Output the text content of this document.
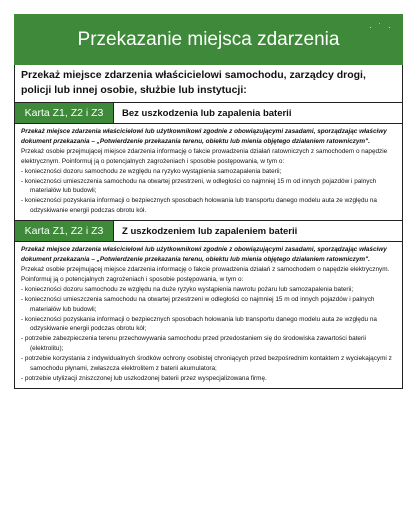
Przekazanie miejsca zdarzenia
· ˙ ·
Przekaż miejsce zdarzenia właścicielowi samochodu, zarządcy drogi, policji lub innej osobie, służbie lub instytucji:
Karta Z1, Z2 i Z3	Bez uszkodzenia lub zapalenia baterii

Przekaż miejsce zdarzenia właścicielowi lub użytkownikowi zgodnie z obowiązującymi zasadami, sporządzając właściwy dokument przekazania – „Potwierdzenie przekazania terenu, obiektu lub mienia objętego działaniem ratowniczym".

Przekaż osobie przejmującej miejsce zdarzenia informację o fakcie prowadzenia działań ratowniczych z samochodem o napędzie elektrycznym. Poinformuj ją o potencjalnych zagrożeniach i sposobie postępowania, w tym o:

- konieczności dozoru samochodu ze względu na ryzyko wystąpienia samozapalenia baterii;
- konieczności umieszczenia samochodu na otwartej przestrzeni, w odległości co najmniej 15 m od innych pojazdów i palnych materiałów lub budowli;
- konieczności pozyskania informacji o bezpiecznych sposobach holowania lub transportu danego modelu auta ze względu na odzyskiwanie energii podczas obrotu kół.
Karta Z1, Z2 i Z3	Z uszkodzeniem lub zapaleniem baterii

Przekaż miejsce zdarzenia właścicielowi lub użytkownikowi zgodnie z obowiązującymi zasadami, sporządzając właściwy dokument przekazania – „Potwierdzenie przekazania terenu, obiektu lub mienia objętego działaniem ratowniczym".

Przekaż osobie przejmującej miejsce zdarzenia informację o fakcie prowadzenia działań z samochodem o napędzie elektrycznym. Poinformuj ją o potencjalnych zagrożeniach i sposobie postępowania, w tym o:

- konieczności dozoru samochodu ze względu na duże ryzyko wystąpienia nawrotu pożaru lub samozapalenia baterii;
- konieczności umieszczenia samochodu na otwartej przestrzeni w odległości co najmniej 15 m od innych pojazdów i palnych materiałów lub budowli;
- konieczności pozyskania informacji o bezpiecznych sposobach holowania lub transportu danego modelu auta ze względu na odzyskiwanie energii podczas obrotu kół;
- potrzebie zabezpieczenia terenu przechowywania samochodu przed przedostaniem się do środowiska zawartości baterii (elektrolitu);
- potrzebie korzystania z indywidualnych środków ochrony osobistej chroniących przed bezpośrednim kontaktem z wyciekającymi z samochodu płynami, zwłaszcza elektrolitem z baterii akumulatora;
- potrzebie utylizacji zniszczonej lub uszkodzonej baterii przez wyspecjalizowana firmę.
